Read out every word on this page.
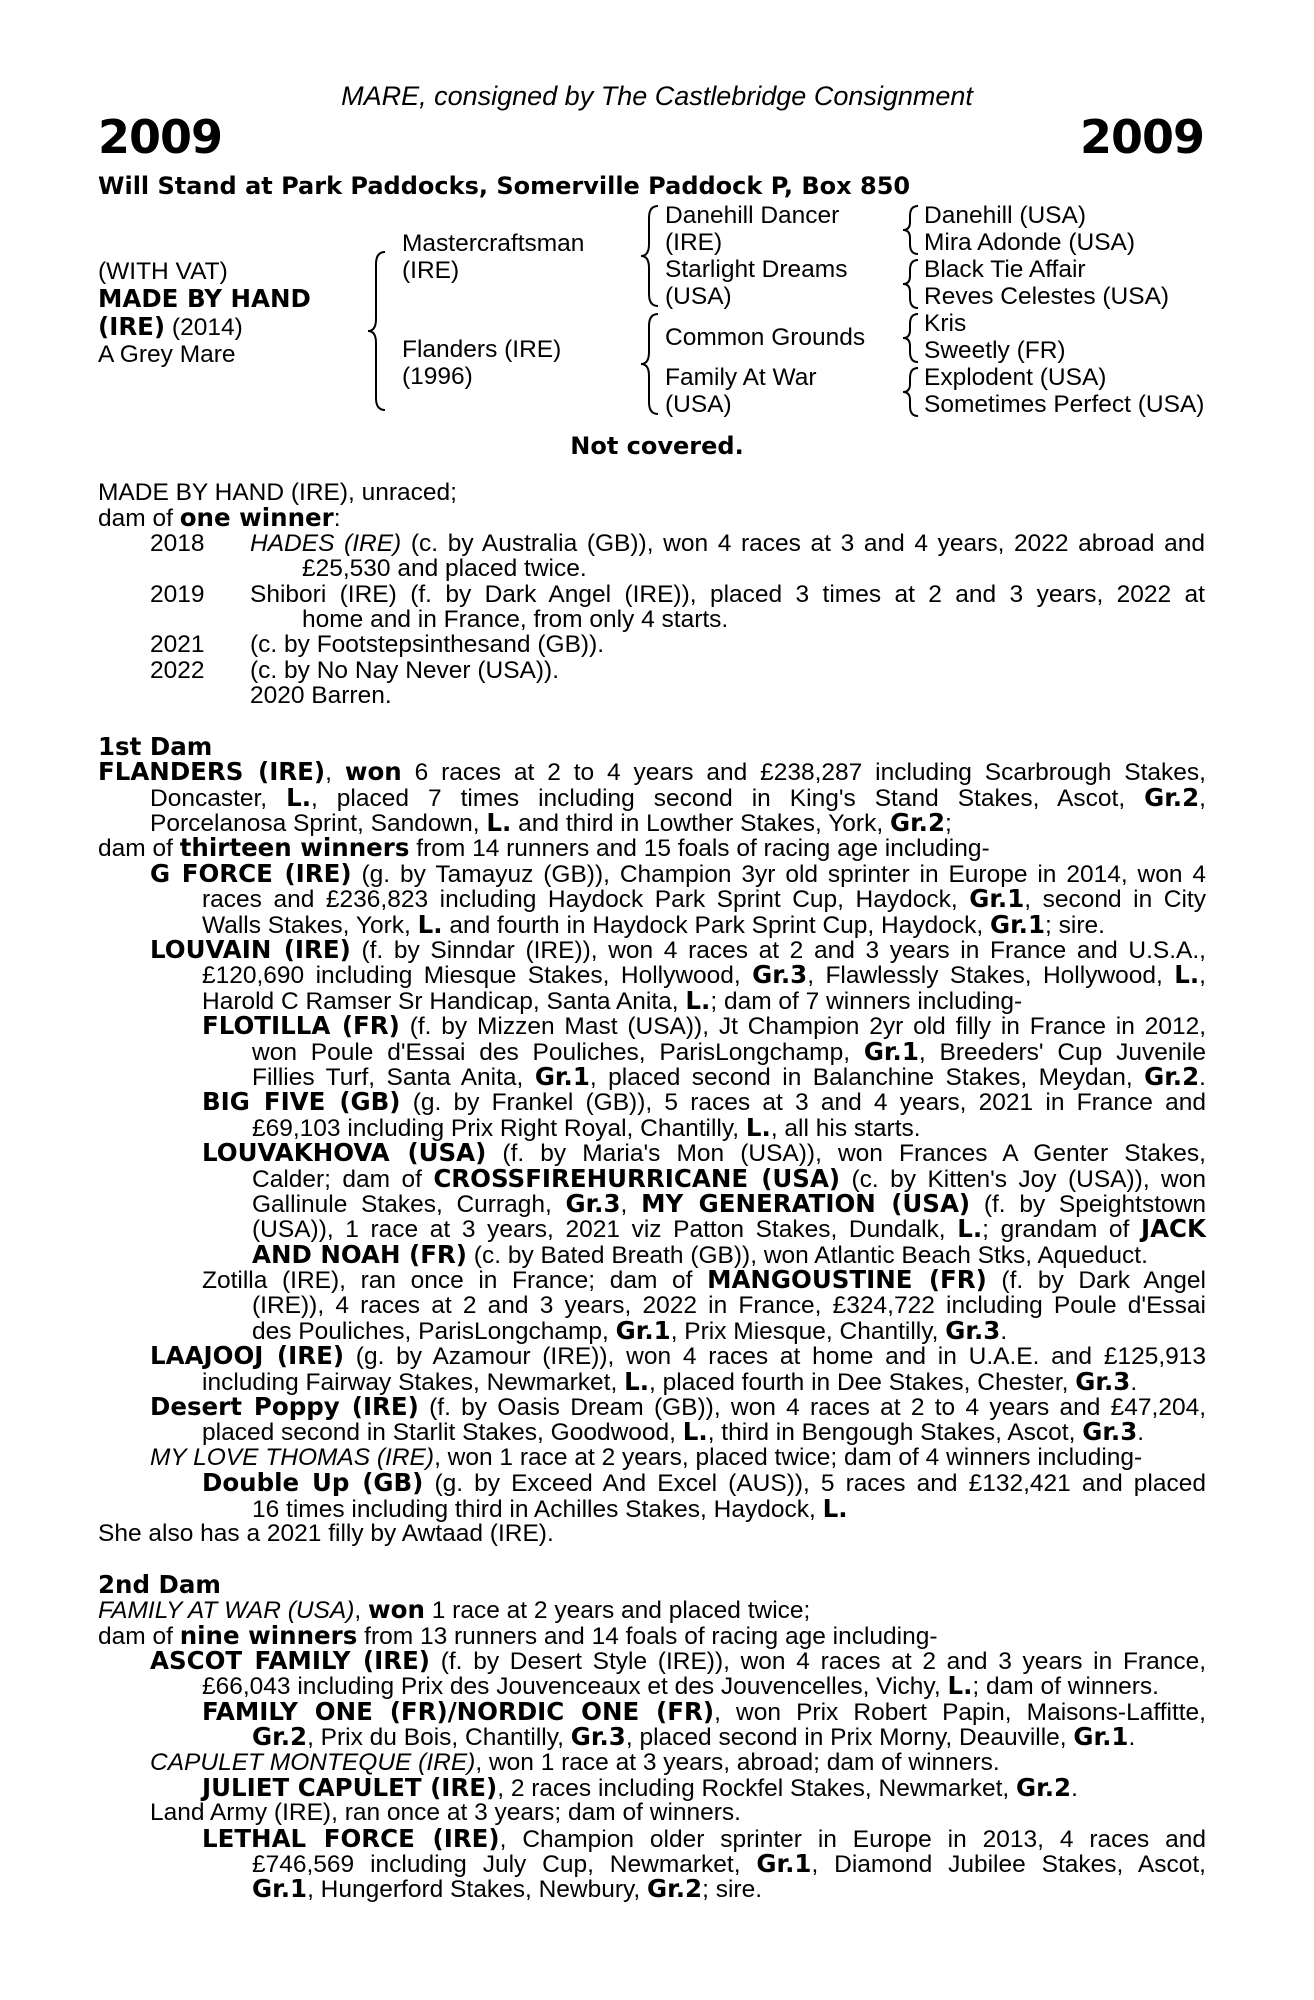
MARE, consigned by The Castlebridge Consignment
2009	2009
Will Stand at Park Paddocks, Somerville Paddock P, Box 850
(WITH VAT)
MADE BY HAND
(IRE) (2014)
A Grey Mare
Mastercraftsman
(IRE)
Flanders (IRE)
(1996)
Danehill Dancer
(IRE)
Starlight Dreams
(USA)
Common Grounds
Family At War
(USA)
Danehill (USA)
Mira Adonde (USA)
Black Tie Affair
Reves Celestes (USA)
Kris
Sweetly (FR)
Explodent (USA)
Sometimes Perfect (USA)
Not covered.
MADE BY HAND (IRE), unraced;
dam of one winner:
2018 HADES (IRE) (c. by Australia (GB)), won 4 races at 3 and 4 years, 2022 abroad and
£25,530 and placed twice.
2019 Shibori (IRE) (f. by Dark Angel (IRE)), placed 3 times at 2 and 3 years, 2022 at
home and in France, from only 4 starts.
2021 (c. by Footstepsinthesand (GB)).
2022 (c. by No Nay Never (USA)).
2020 Barren.
1st Dam
FLANDERS (IRE), won 6 races at 2 to 4 years and £238,287 including Scarbrough Stakes,
Doncaster, L., placed 7 times including second in King's Stand Stakes, Ascot, Gr.2,
Porcelanosa Sprint, Sandown, L. and third in Lowther Stakes, York, Gr.2;
dam of thirteen winners from 14 runners and 15 foals of racing age including-
G FORCE (IRE) (g. by Tamayuz (GB)), Champion 3yr old sprinter in Europe in 2014, won 4
races and £236,823 including Haydock Park Sprint Cup, Haydock, Gr.1, second in City
Walls Stakes, York, L. and fourth in Haydock Park Sprint Cup, Haydock, Gr.1; sire.
LOUVAIN (IRE) (f. by Sinndar (IRE)), won 4 races at 2 and 3 years in France and U.S.A.,
£120,690 including Miesque Stakes, Hollywood, Gr.3, Flawlessly Stakes, Hollywood, L.,
Harold C Ramser Sr Handicap, Santa Anita, L.; dam of 7 winners including-
FLOTILLA (FR) (f. by Mizzen Mast (USA)), Jt Champion 2yr old filly in France in 2012,
won Poule d'Essai des Pouliches, ParisLongchamp, Gr.1, Breeders' Cup Juvenile
Fillies Turf, Santa Anita, Gr.1, placed second in Balanchine Stakes, Meydan, Gr.2.
BIG FIVE (GB) (g. by Frankel (GB)), 5 races at 3 and 4 years, 2021 in France and
£69,103 including Prix Right Royal, Chantilly, L., all his starts.
LOUVAKHOVA (USA) (f. by Maria's Mon (USA)), won Frances A Genter Stakes,
Calder; dam of CROSSFIREHURRICANE (USA) (c. by Kitten's Joy (USA)), won
Gallinule Stakes, Curragh, Gr.3, MY GENERATION (USA) (f. by Speightstown
(USA)), 1 race at 3 years, 2021 viz Patton Stakes, Dundalk, L.; grandam of JACK
AND NOAH (FR) (c. by Bated Breath (GB)), won Atlantic Beach Stks, Aqueduct.
Zotilla (IRE), ran once in France; dam of MANGOUSTINE (FR) (f. by Dark Angel
(IRE)), 4 races at 2 and 3 years, 2022 in France, £324,722 including Poule d'Essai
des Pouliches, ParisLongchamp, Gr.1, Prix Miesque, Chantilly, Gr.3.
LAAJOOJ (IRE) (g. by Azamour (IRE)), won 4 races at home and in U.A.E. and £125,913
including Fairway Stakes, Newmarket, L., placed fourth in Dee Stakes, Chester, Gr.3.
Desert Poppy (IRE) (f. by Oasis Dream (GB)), won 4 races at 2 to 4 years and £47,204,
placed second in Starlit Stakes, Goodwood, L., third in Bengough Stakes, Ascot, Gr.3.
MY LOVE THOMAS (IRE), won 1 race at 2 years, placed twice; dam of 4 winners including-
Double Up (GB) (g. by Exceed And Excel (AUS)), 5 races and £132,421 and placed
16 times including third in Achilles Stakes, Haydock, L.
She also has a 2021 filly by Awtaad (IRE).
2nd Dam
FAMILY AT WAR (USA), won 1 race at 2 years and placed twice;
dam of nine winners from 13 runners and 14 foals of racing age including-
ASCOT FAMILY (IRE) (f. by Desert Style (IRE)), won 4 races at 2 and 3 years in France,
£66,043 including Prix des Jouvenceaux et des Jouvencelles, Vichy, L.; dam of winners.
FAMILY ONE (FR)/NORDIC ONE (FR), won Prix Robert Papin, Maisons-Laffitte,
Gr.2, Prix du Bois, Chantilly, Gr.3, placed second in Prix Morny, Deauville, Gr.1.
CAPULET MONTEQUE (IRE), won 1 race at 3 years, abroad; dam of winners.
JULIET CAPULET (IRE), 2 races including Rockfel Stakes, Newmarket, Gr.2.
Land Army (IRE), ran once at 3 years; dam of winners.
LETHAL FORCE (IRE), Champion older sprinter in Europe in 2013, 4 races and
£746,569 including July Cup, Newmarket, Gr.1, Diamond Jubilee Stakes, Ascot,
Gr.1, Hungerford Stakes, Newbury, Gr.2; sire.
